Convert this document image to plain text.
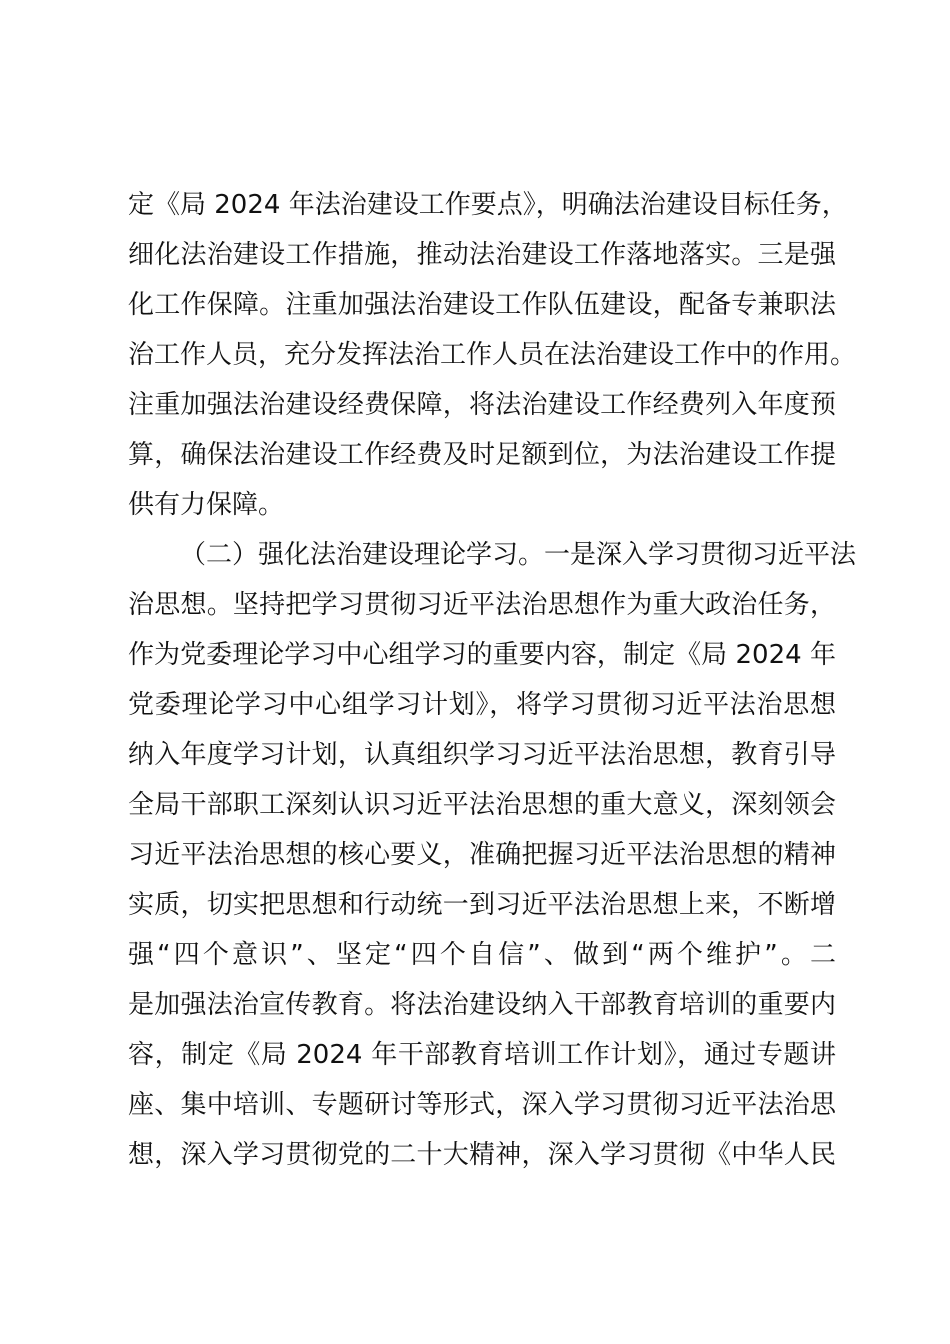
定《局 2024 年法治建设工作要点》，明确法治建设目标任务，
细化法治建设工作措施，推动法治建设工作落地落实。三是强
化工作保障。注重加强法治建设工作队伍建设，配备专兼职法
治工作人员，充分发挥法治工作人员在法治建设工作中的作用。
注重加强法治建设经费保障，将法治建设工作经费列入年度预
算，确保法治建设工作经费及时足额到位，为法治建设工作提
供有力保障。
（二）强化法治建设理论学习。一是深入学习贯彻习近平法
治思想。坚持把学习贯彻习近平法治思想作为重大政治任务，
作为党委理论学习中心组学习的重要内容，制定《局 2024 年
党委理论学习中心组学习计划》，将学习贯彻习近平法治思想
纳入年度学习计划，认真组织学习习近平法治思想，教育引导
全局干部职工深刻认识习近平法治思想的重大意义，深刻领会
习近平法治思想的核心要义，准确把握习近平法治思想的精神
实质，切实把思想和行动统一到习近平法治思想上来，不断增
强“四个意识”、坚定“四个自信”、做到“两个维护”。二
是加强法治宣传教育。将法治建设纳入干部教育培训的重要内
容，制定《局 2024 年干部教育培训工作计划》，通过专题讲
座、集中培训、专题研讨等形式，深入学习贯彻习近平法治思
想，深入学习贯彻党的二十大精神，深入学习贯彻《中华人民
